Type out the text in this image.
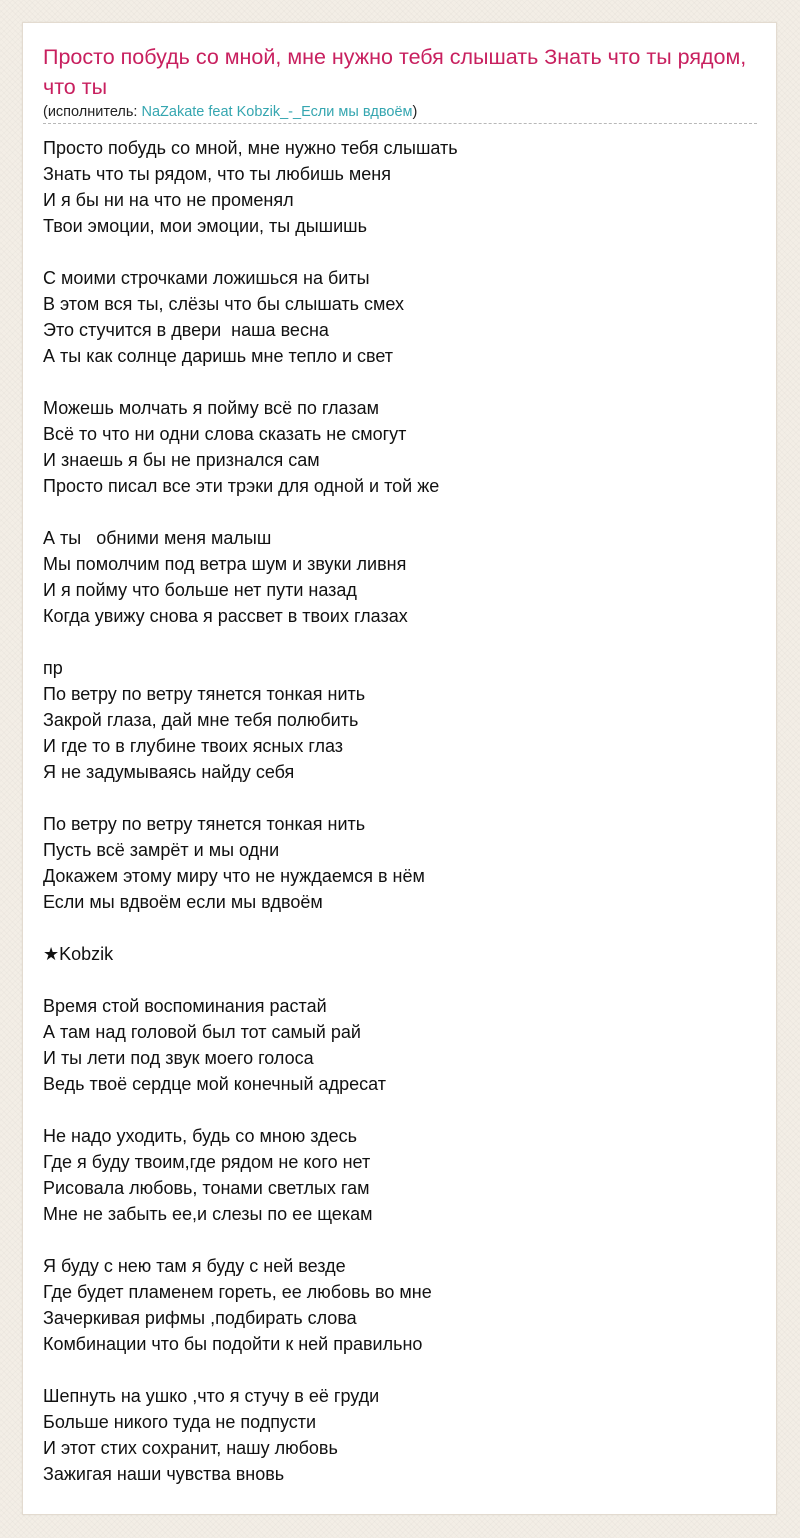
Просто побудь со мной, мне нужно тебя слышать Знать что ты рядом, что ты
(исполнитель: NaZakate feat Kobzik_-_Если мы вдвоём)
Просто побудь со мной, мне нужно тебя слышать
Знать что ты рядом, что ты любишь меня
И я бы ни на что не променял
Твои эмоции, мои эмоции, ты дышишь
С моими строчками ложишься на биты
В этом вся ты, слёзы что бы слышать смех
Это стучится в двери  наша весна
А ты как солнце даришь мне тепло и свет
Можешь молчать я пойму всё по глазам
Всё то что ни одни слова сказать не смогут
И знаешь я бы не признался сам
Просто писал все эти трэки для одной и той же
А ты   обними меня малыш
Мы помолчим под ветра шум и звуки ливня
И я пойму что больше нет пути назад
Когда увижу снова я рассвет в твоих глазах
пр
По ветру по ветру тянется тонкая нить
Закрой глаза, дай мне тебя полюбить
И где то в глубине твоих ясных глаз
Я не задумываясь найду себя
По ветру по ветру тянется тонкая нить
Пусть всё замрёт и мы одни
Докажем этому миру что не нуждаемся в нём
Если мы вдвоём если мы вдвоём
★Kobzik
Время стой воспоминания растай
А там над головой был тот самый рай
И ты лети под звук моего голоса
Ведь твоё сердце мой конечный адресат
Не надо уходить, будь со мною здесь
Где я буду твоим,где рядом не кого нет
Рисовала любовь, тонами светлых гам
Мне не забыть ее,и слезы по ее щекам
Я буду с нею там я буду с ней везде
Где будет пламенем гореть, ее любовь во мне
Зачеркивая рифмы ,подбирать слова
Комбинации что бы подойти к ней правильно
Шепнуть на ушко ,что я стучу в её груди
Больше никого туда не подпусти
И этот стих сохранит, нашу любовь
Зажигая наши чувства вновь
